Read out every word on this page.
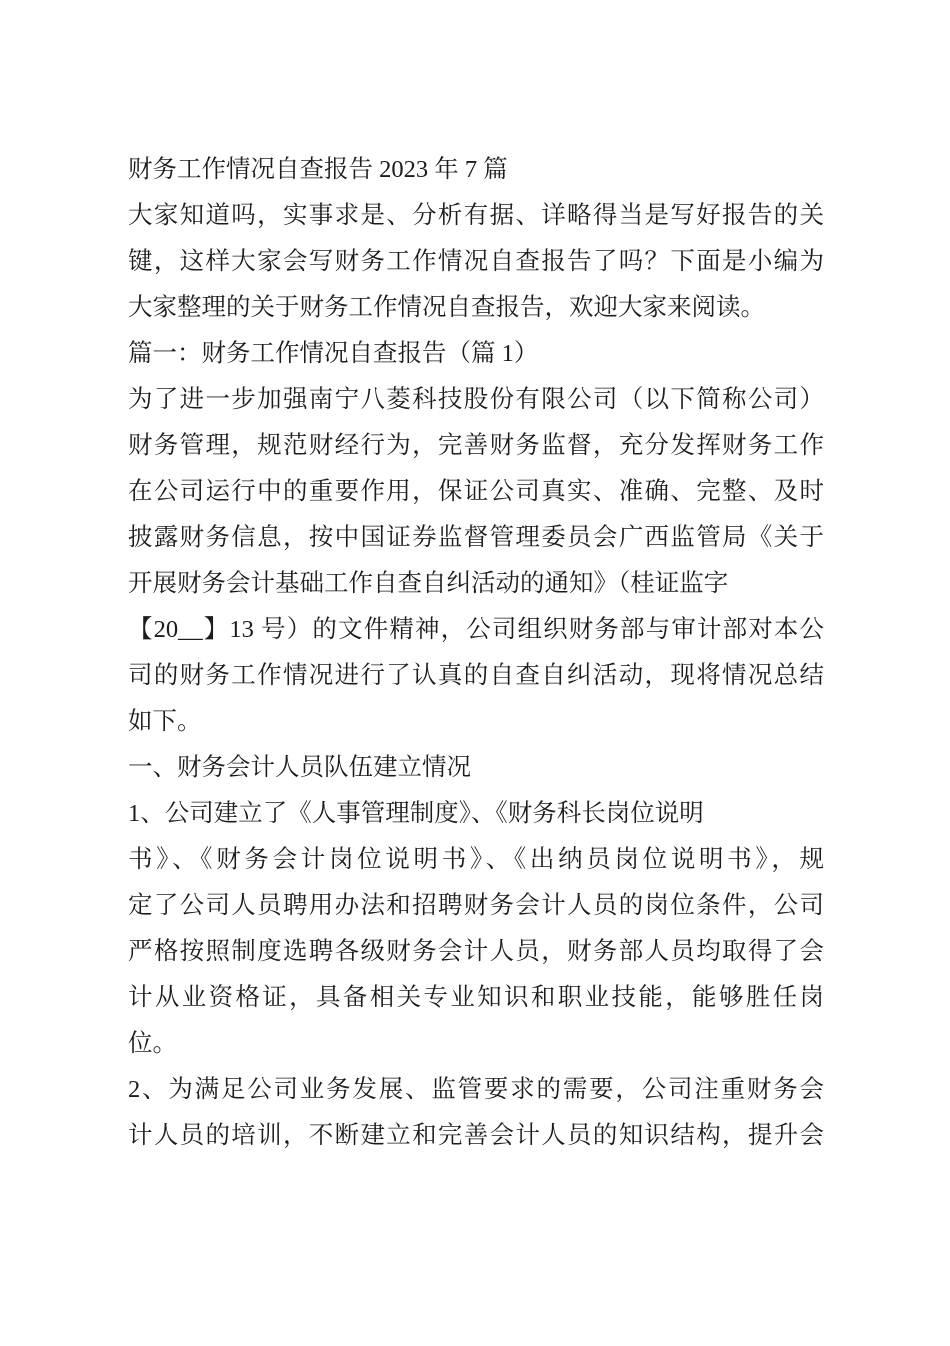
财务工作情况自查报告 2023 年 7 篇
大家知道吗，实事求是、分析有据、详略得当是写好报告的关
键，这样大家会写财务工作情况自查报告了吗？下面是小编为
大家整理的关于财务工作情况自查报告，欢迎大家来阅读。
篇一：财务工作情况自查报告（篇 1）
为了进一步加强南宁八菱科技股份有限公司（以下简称公司）
财务管理，规范财经行为，完善财务监督，充分发挥财务工作
在公司运行中的重要作用，保证公司真实、准确、完整、及时
披露财务信息，按中国证券监督管理委员会广西监管局《关于
开展财务会计基础工作自查自纠活动的通知》（桂证监字
【20__】13 号）的文件精神，公司组织财务部与审计部对本公
司的财务工作情况进行了认真的自查自纠活动，现将情况总结
如下。
一、财务会计人员队伍建立情况
1、公司建立了《人事管理制度》、《财务科长岗位说明
书》、《财务会计岗位说明书》、《出纳员岗位说明书》，规
定了公司人员聘用办法和招聘财务会计人员的岗位条件，公司
严格按照制度选聘各级财务会计人员，财务部人员均取得了会
计从业资格证，具备相关专业知识和职业技能，能够胜任岗
位。
2、为满足公司业务发展、监管要求的需要，公司注重财务会
计人员的培训，不断建立和完善会计人员的知识结构，提升会
